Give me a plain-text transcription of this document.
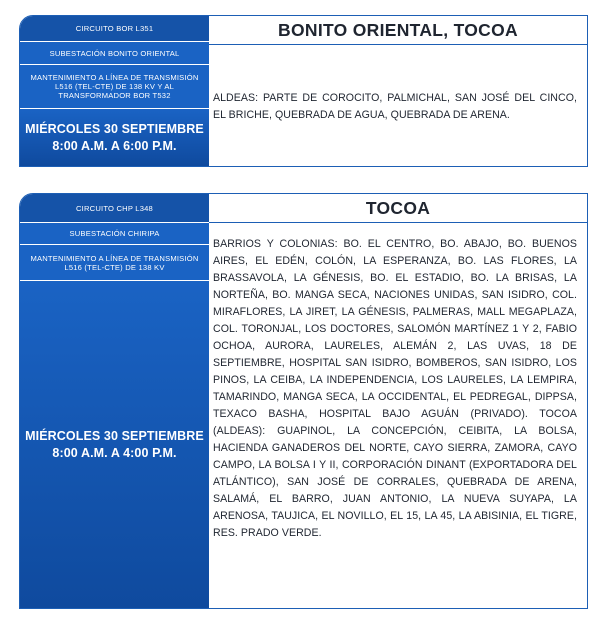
CIRCUITO BOR L351
SUBESTACIÓN BONITO ORIENTAL
MANTENIMIENTO A LÍNEA DE TRANSMISIÓN L516 (TEL-CTE) DE 138 KV Y AL TRANSFORMADOR BOR T532
MIÉRCOLES 30 SEPTIEMBRE
8:00 A.M. A 6:00 P.M.
BONITO ORIENTAL, TOCOA
ALDEAS: PARTE DE COROCITO, PALMICHAL, SAN JOSÉ DEL CINCO, EL BRICHE, QUEBRADA DE AGUA, QUEBRADA DE ARENA.
CIRCUITO CHP L348
SUBESTACIÓN CHIRIPA
MANTENIMIENTO A LÍNEA DE TRANSMISIÓN L516 (TEL-CTE) DE 138 KV
MIÉRCOLES 30 SEPTIEMBRE
8:00 A.M. A 4:00 P.M.
TOCOA
BARRIOS Y COLONIAS: BO. EL CENTRO, BO. ABAJO, BO. BUENOS AIRES, EL EDÉN, COLÓN, LA ESPERANZA, BO. LAS FLORES, LA BRASSAVOLA, LA GÉNESIS, BO. EL ESTADIO, BO. LA BRISAS, LA NORTEÑA, BO. MANGA SECA, NACIONES UNIDAS, SAN ISIDRO, COL. MIRAFLORES, LA JIRET, LA GÉNESIS, PALMERAS, MALL MEGAPLAZA, COL. TORONJAL, LOS DOCTORES, SALOMÓN MARTÍNEZ 1 Y 2, FABIO OCHOA, AURORA, LAURELES, ALEMÁN 2, LAS UVAS, 18 DE SEPTIEMBRE, HOSPITAL SAN ISIDRO, BOMBEROS, SAN ISIDRO, LOS PINOS, LA CEIBA, LA INDEPENDENCIA, LOS LAURELES, LA LEMPIRA, TAMARINDO, MANGA SECA, LA OCCIDENTAL, EL PEDREGAL, DIPPSA, TEXACO BASHA, HOSPITAL BAJO AGUÁN (PRIVADO). TOCOA (ALDEAS): GUAPINOL, LA CONCEPCIÓN, CEIBITA, LA BOLSA, HACIENDA GANADEROS DEL NORTE, CAYO SIERRA, ZAMORA, CAYO CAMPO, LA BOLSA I Y II, CORPORACIÓN DINANT (EXPORTADORA DEL ATLÁNTICO), SAN JOSÉ DE CORRALES, QUEBRADA DE ARENA, SALAMÁ, EL BARRO, JUAN ANTONIO, LA NUEVA SUYAPA, LA ARENOSA, TAUJICA, EL NOVILLO, EL 15, LA 45, LA ABISINIA, EL TIGRE, RES. PRADO VERDE.
